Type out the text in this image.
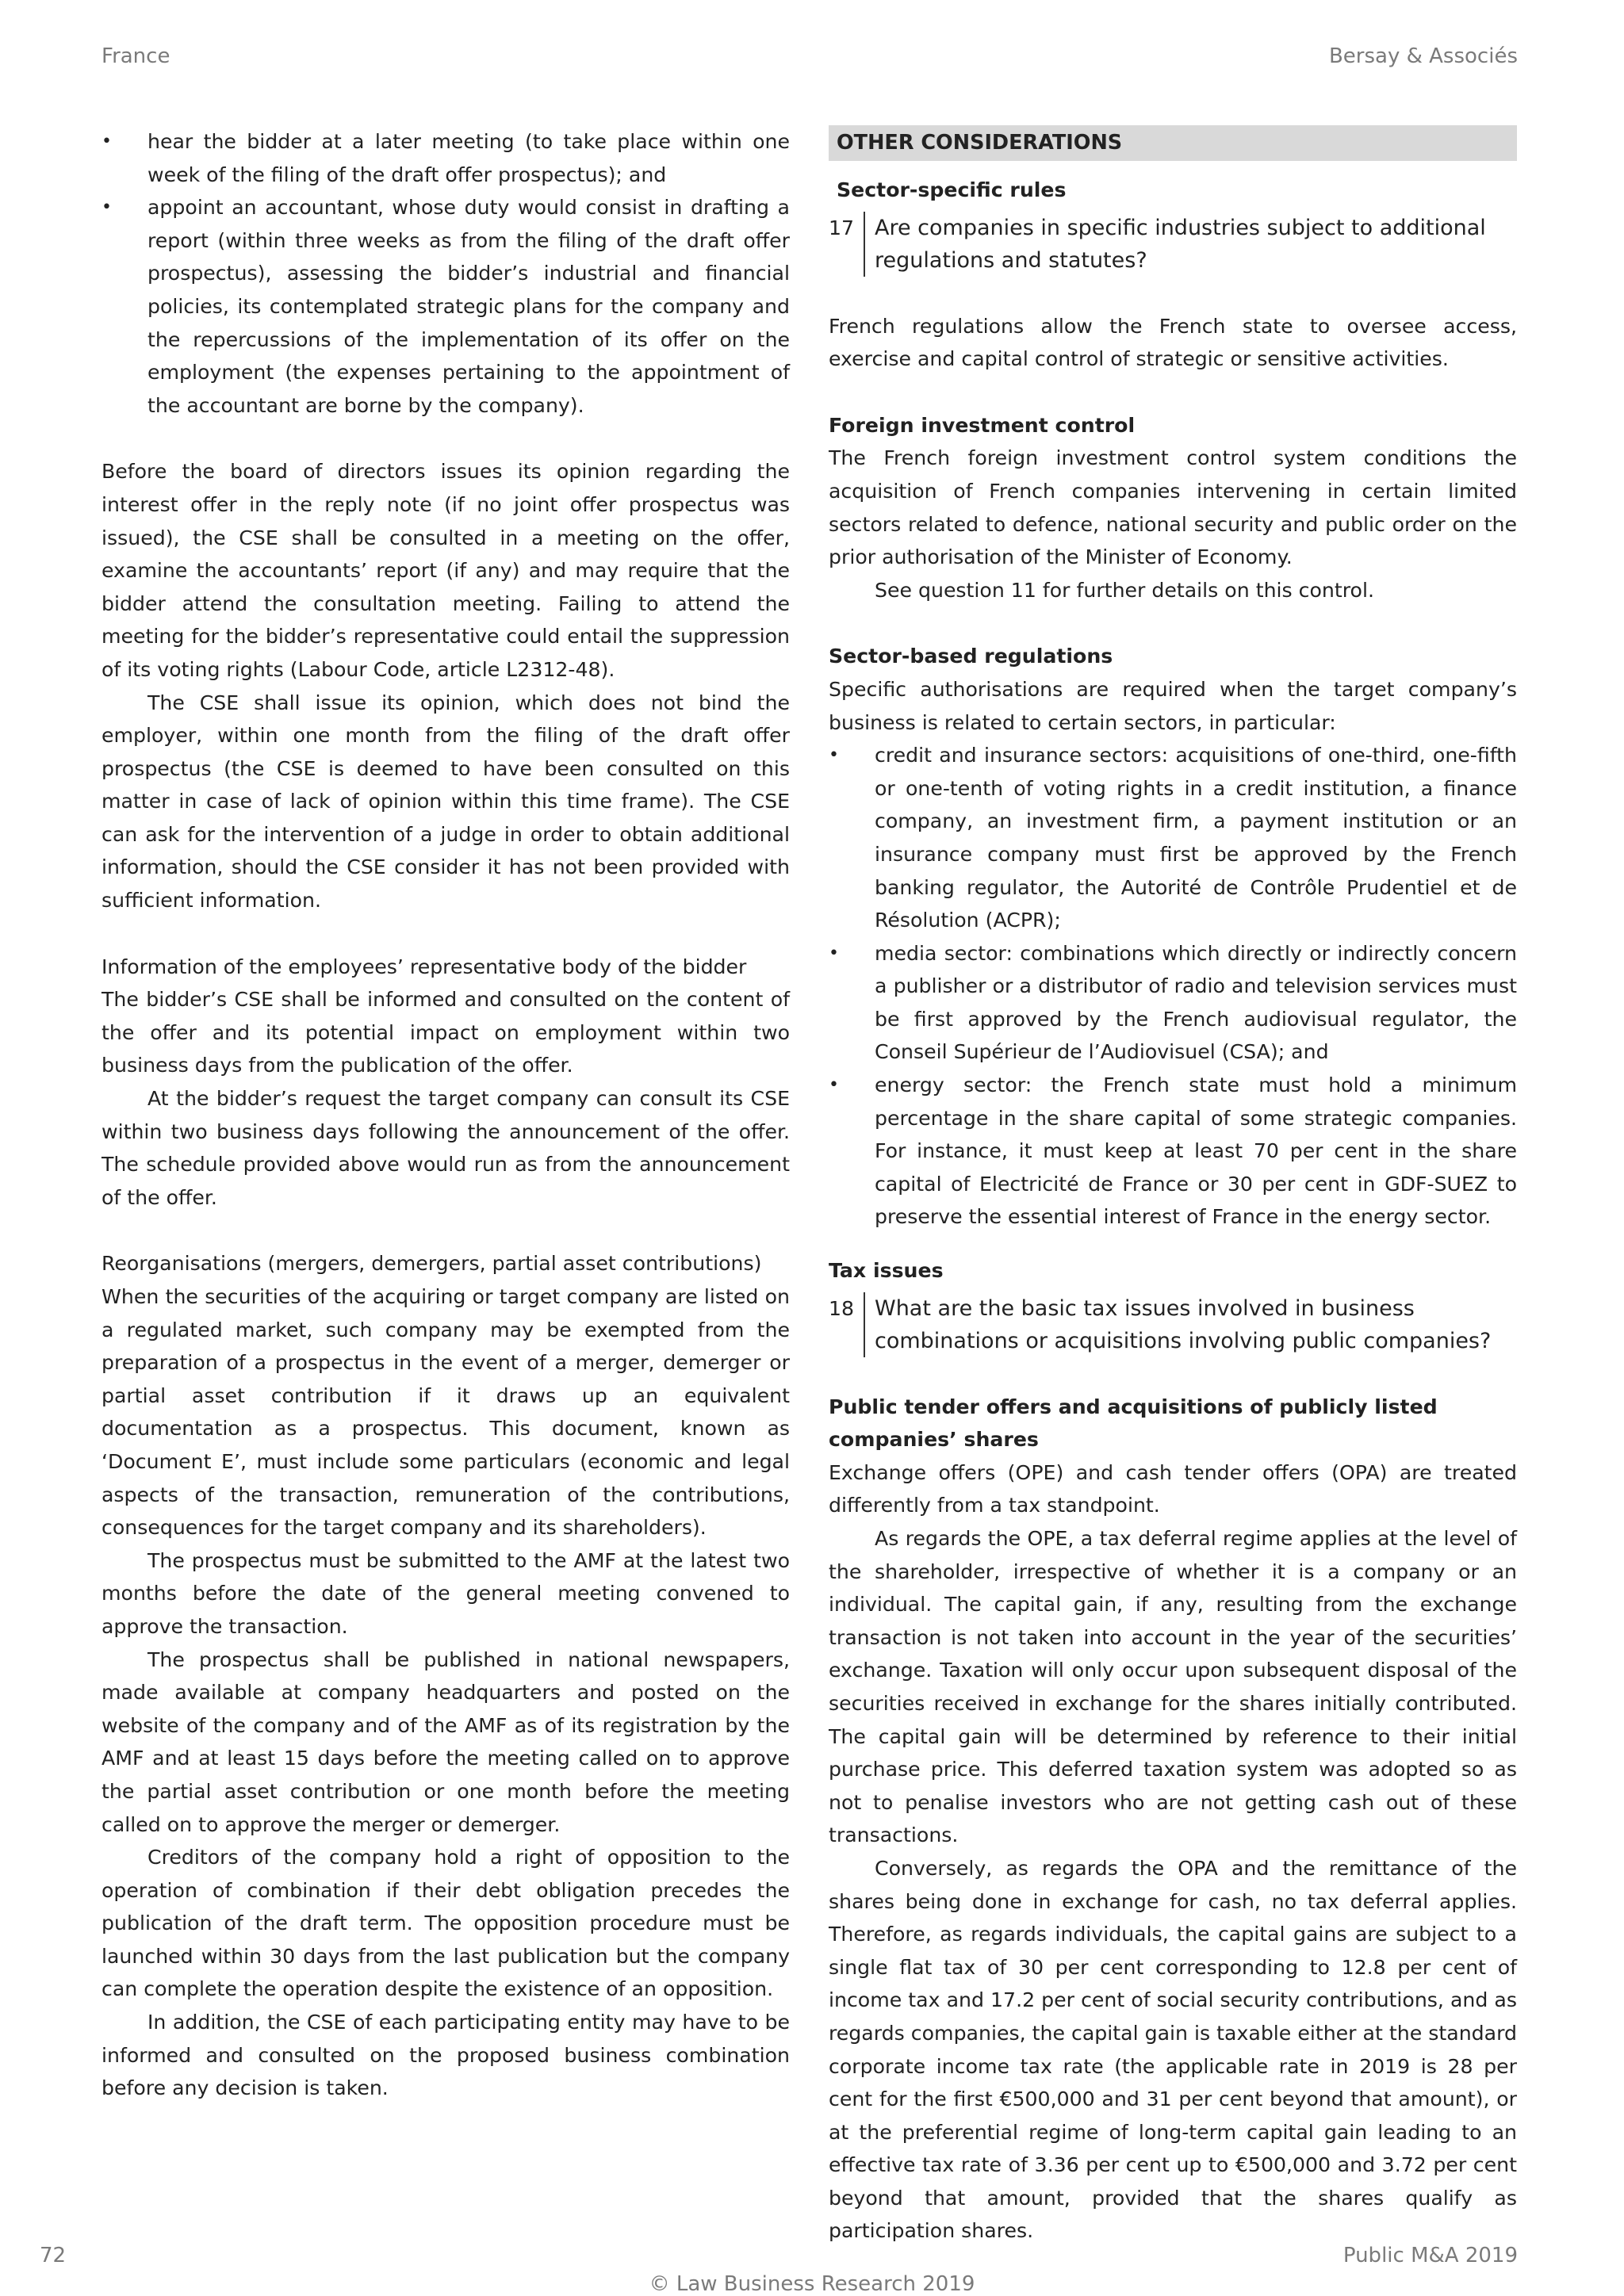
France	Bersay & Associés
• hear the bidder at a later meeting (to take place within one week of the filing of the draft offer prospectus); and
• appoint an accountant, whose duty would consist in drafting a report (within three weeks as from the filing of the draft offer prospectus), assessing the bidder’s industrial and financial policies, its contemplated strategic plans for the company and the repercussions of the implementation of its offer on the employment (the expenses pertaining to the appointment of the accountant are borne by the company).

Before the board of directors issues its opinion regarding the interest offer in the reply note (if no joint offer prospectus was issued), the CSE shall be consulted in a meeting on the offer, examine the accountants’ report (if any) and may require that the bidder attend the consultation meeting. Failing to attend the meeting for the bidder’s representative could entail the suppression of its voting rights (Labour Code, article L2312-48).

The CSE shall issue its opinion, which does not bind the employer, within one month from the filing of the draft offer prospectus (the CSE is deemed to have been consulted on this matter in case of lack of opinion within this time frame). The CSE can ask for the intervention of a judge in order to obtain additional information, should the CSE consider it has not been provided with sufficient information.

Information of the employees’ representative body of the bidder

The bidder’s CSE shall be informed and consulted on the content of the offer and its potential impact on employment within two business days from the publication of the offer.

At the bidder’s request the target company can consult its CSE within two business days following the announcement of the offer. The schedule provided above would run as from the announcement of the offer.

Reorganisations (mergers, demergers, partial asset contributions)

When the securities of the acquiring or target company are listed on a regulated market, such company may be exempted from the preparation of a prospectus in the event of a merger, demerger or partial asset contribution if it draws up an equivalent documentation as a prospectus. This document, known as ‘Document E’, must include some particulars (economic and legal aspects of the transaction, remuneration of the contributions, consequences for the target company and its shareholders).

The prospectus must be submitted to the AMF at the latest two months before the date of the general meeting convened to approve the transaction.

The prospectus shall be published in national newspapers, made available at company headquarters and posted on the website of the company and of the AMF as of its registration by the AMF and at least 15 days before the meeting called on to approve the partial asset contribution or one month before the meeting called on to approve the merger or demerger.

Creditors of the company hold a right of opposition to the operation of combination if their debt obligation precedes the publication of the draft term. The opposition procedure must be launched within 30 days from the last publication but the company can complete the operation despite the existence of an opposition.

In addition, the CSE of each participating entity may have to be informed and consulted on the proposed business combination before any decision is taken.

OTHER CONSIDERATIONS

Sector-specific rules

17 Are companies in specific industries subject to additional regulations and statutes?

French regulations allow the French state to oversee access, exercise and capital control of strategic or sensitive activities.

Foreign investment control

The French foreign investment control system conditions the acquisition of French companies intervening in certain limited sectors related to defence, national security and public order on the prior authorisation of the Minister of Economy.

See question 11 for further details on this control.

Sector-based regulations

Specific authorisations are required when the target company’s business is related to certain sectors, in particular:

• credit and insurance sectors: acquisitions of one-third, one-fifth or one-tenth of voting rights in a credit institution, a finance company, an investment firm, a payment institution or an insurance company must first be approved by the French banking regulator, the Autorité de Contrôle Prudentiel et de Résolution (ACPR);
• media sector: combinations which directly or indirectly concern a publisher or a distributor of radio and television services must be first approved by the French audiovisual regulator, the Conseil Supérieur de l’Audiovisuel (CSA); and
• energy sector: the French state must hold a minimum percentage in the share capital of some strategic companies. For instance, it must keep at least 70 per cent in the share capital of Electricité de France or 30 per cent in GDF-SUEZ to preserve the essential interest of France in the energy sector.

Tax issues

18 What are the basic tax issues involved in business combinations or acquisitions involving public companies?

Public tender offers and acquisitions of publicly listed companies’ shares

Exchange offers (OPE) and cash tender offers (OPA) are treated differently from a tax standpoint.

As regards the OPE, a tax deferral regime applies at the level of the shareholder, irrespective of whether it is a company or an individual. The capital gain, if any, resulting from the exchange transaction is not taken into account in the year of the securities’ exchange. Taxation will only occur upon subsequent disposal of the securities received in exchange for the shares initially contributed. The capital gain will be determined by reference to their initial purchase price. This deferred taxation system was adopted so as not to penalise investors who are not getting cash out of these transactions.

Conversely, as regards the OPA and the remittance of the shares being done in exchange for cash, no tax deferral applies. Therefore, as regards individuals, the capital gains are subject to a single flat tax of 30 per cent corresponding to 12.8 per cent of income tax and 17.2 per cent of social security contributions, and as regards companies, the capital gain is taxable either at the standard corporate income tax rate (the applicable rate in 2019 is 28 per cent for the first €500,000 and 31 per cent beyond that amount), or at the preferential regime of long-term capital gain leading to an effective tax rate of 3.36 per cent up to €500,000 and 3.72 per cent beyond that amount, provided that the shares qualify as participation shares.

72	Public M&A 2019
© Law Business Research 2019
